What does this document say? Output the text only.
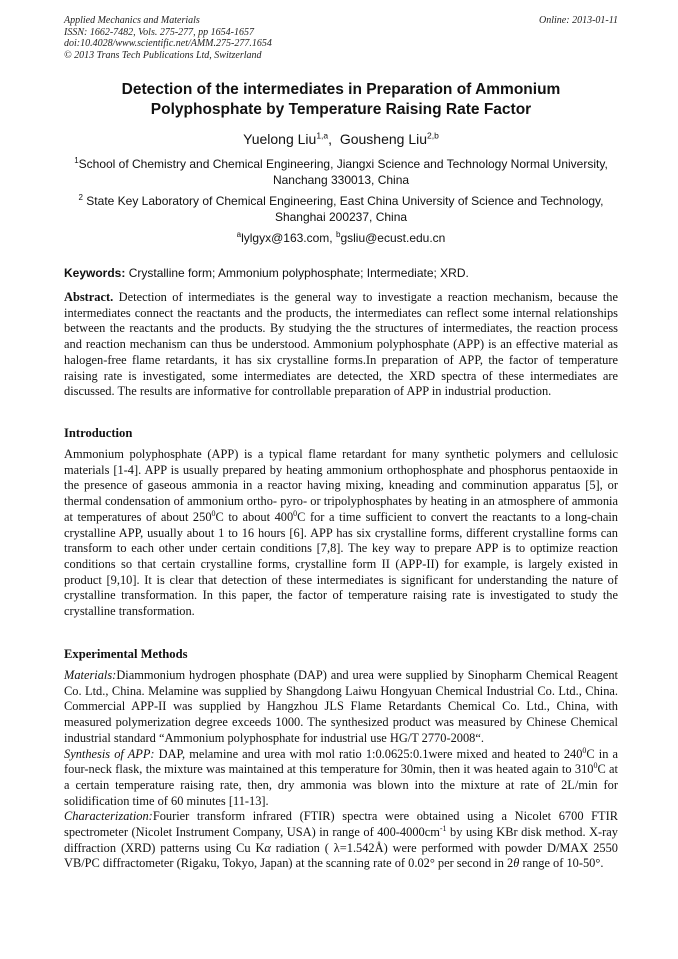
Applied Mechanics and Materials
ISSN: 1662-7482, Vols. 275-277, pp 1654-1657
doi:10.4028/www.scientific.net/AMM.275-277.1654
© 2013 Trans Tech Publications Ltd, Switzerland
Online: 2013-01-11
Detection of the intermediates in Preparation of Ammonium
Polyphosphate by Temperature Raising Rate Factor
Yuelong Liu$^{1,a}$,  Gousheng Liu$^{2,b}$
$^1$School of Chemistry and Chemical Engineering, Jiangxi Science and Technology Normal University,
Nanchang 330013, China
$^2$ State Key Laboratory of Chemical Engineering, East China University of Science and Technology,
Shanghai 200237, China
$^a$lylgyx@163.com, $^b$gsliu@ecust.edu.cn
Keywords: Crystalline form; Ammonium polyphosphate; Intermediate; XRD.
Abstract. Detection of intermediates is the general way to investigate a reaction mechanism, because the intermediates connect the reactants and the products, the intermediates can reflect some internal relationships between the reactants and the products. By studying the the structures of intermediates, the reaction process and reaction mechanism can thus be understood. Ammonium polyphosphate (APP) is an effective material as halogen-free flame retardants, it has six crystalline forms.In preparation of APP, the factor of temperature raising rate is investigated, some intermediates are detected, the XRD spectra of these intermediates are discussed. The results are informative for controllable preparation of APP in industrial production.
Introduction
Ammonium polyphosphate (APP) is a typical flame retardant for many synthetic polymers and cellulosic materials [1-4]. APP is usually prepared by heating ammonium orthophosphate and phosphorus pentaoxide in the presence of gaseous ammonia in a reactor having mixing, kneading and comminution apparatus [5], or thermal condensation of ammonium ortho- pyro- or tripolyphosphates by heating in an atmosphere of ammonia at temperatures of about $250^0C$ to about $400^0C$ for a time sufficient to convert the reactants to a long-chain crystalline APP, usually about 1 to 16 hours [6]. APP has six crystalline forms, different crystalline forms can transform to each other under certain conditions [7,8]. The key way to prepare APP is to optimize reaction conditions so that certain crystalline forms, crystalline form II (APP-II) for example, is largely existed in product [9,10]. It is clear that detection of these intermediates is significant for understanding the nature of crystalline transformation. In this paper, the factor of temperature raising rate is investigated to study the crystalline transformation.
Experimental Methods

Materials:Diammonium hydrogen phosphate (DAP) and urea were supplied by Sinopharm Chemical Reagent Co. Ltd., China. Melamine was supplied by Shangdong Laiwu Hongyuan Chemical Industrial Co. Ltd., China. Commercial APP-II was supplied by Hangzhou JLS Flame Retardants Chemical Co. Ltd., China, with measured polymerization degree exceeds 1000. The synthesized product was measured by Chinese Chemical industrial standard “Ammonium polyphosphate for industrial use HG/T 2770-2008“.

Synthesis of APP: DAP, melamine and urea with mol ratio 1:0.0625:0.1were mixed and heated to $240^0C$ in a four-neck flask, the mixture was maintained at this temperature for 30min, then it was heated again to $310^0C$ at a certain temperature raising rate, then, dry ammonia was blown into the mixture at rate of 2L/min for solidification time of 60 minutes [11-13].

Characterization:Fourier transform infrared (FTIR) spectra were obtained using a Nicolet 6700 FTIR spectrometer (Nicolet Instrument Company, USA) in range of $400-4000cm^{-1}$ by using KBr disk method. X-ray diffraction (XRD) patterns using Cu Kα radiation ( λ=1.542Å) were performed with powder D/MAX 2550 VB/PC diffractometer (Rigaku, Tokyo, Japan) at the scanning rate of 0.02° per second in 2θ range of 10-50°.
